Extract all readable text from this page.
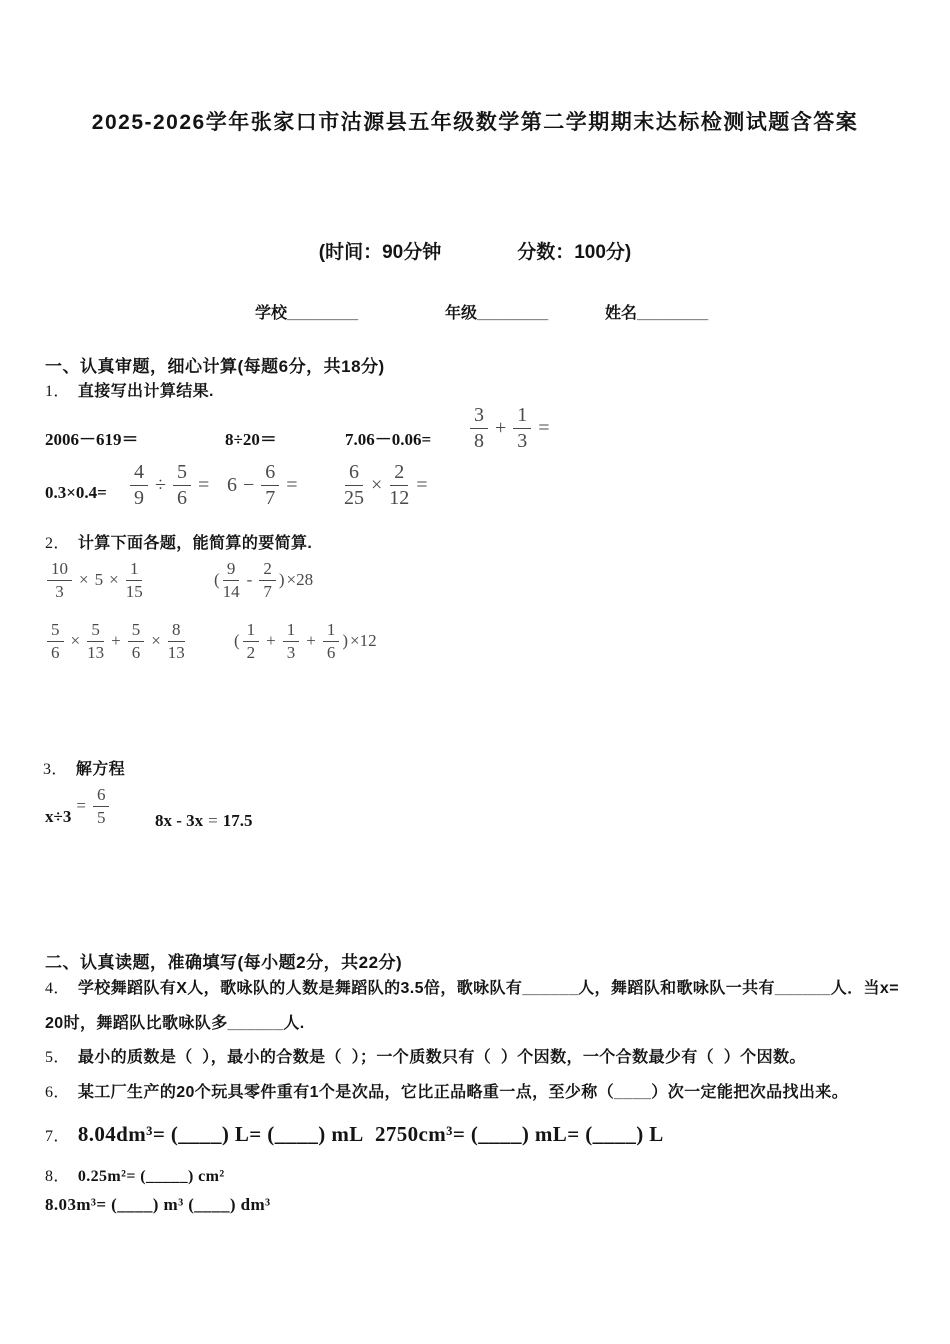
2025-2026学年张家口市沽源县五年级数学第二学期期末达标检测试题含答案
(时间：90分钟	分数：100分)
学校________	年级________	姓名________
一、认真审题，细心计算(每题6分，共18分)
1． 直接写出计算结果.
2006－619＝	8÷20＝	$7.06-0.06= \frac{3}{8} + \frac{1}{3}$ =
$0.3\times 0.4= \frac{4}{9} \div \frac{5}{6} = 6 - \frac{6}{7} = \frac{6}{25} \times \frac{2}{12}$ =
2． 计算下面各题，能简算的要简算.
$\frac{10}{3} \times 5 \times \frac{1}{15}$	( $\frac{9}{14} - \frac{2}{7}$ ) ×28
$\frac{5}{6} \times \frac{5}{13} + \frac{5}{6} \times \frac{8}{13}$	( $\frac{1}{2} + \frac{1}{3} + \frac{1}{6}$ ) ×12
3． 解方程
x÷3
= $\frac{6}{5}$	8x - 3x = 17.5
二、认真读题，准确填写(每小题2分，共22分)
4． 学校舞蹈队有X人，歌咏队的人数是舞蹈队的3.5倍，歌咏队有______人，舞蹈队和歌咏队一共有______人．当x=
20时，舞蹈队比歌咏队多______人.
5． 最小的质数是（  ），最小的合数是（  ）；一个质数只有（  ）个因数，一个合数最少有（  ）个因数。
6． 某工厂生产的20个玩具零件重有1个是次品，它比正品略重一点，至少称（____）次一定能把次品找出来。
7． 8.04dm³= (____) L= (____) mL  2750cm³= (____) mL= (____) L
8． 0.25m²= (_____) cm²
8.03m³= (____) m³ (____) dm³
